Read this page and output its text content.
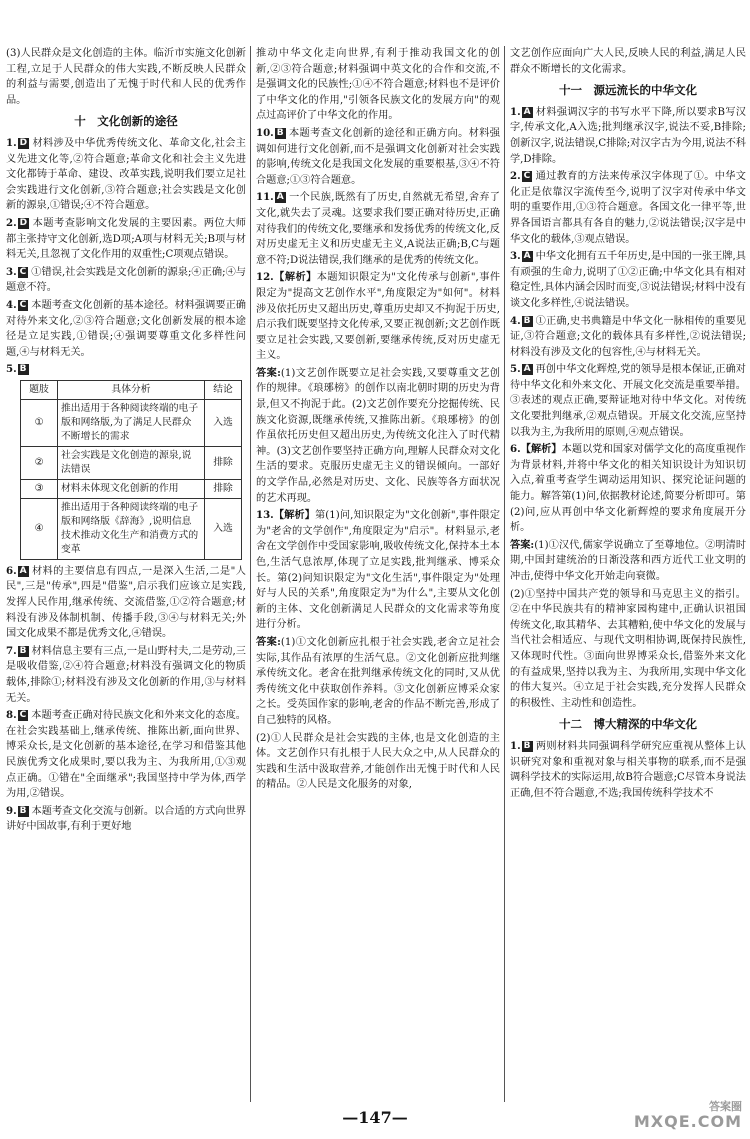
(3)人民群众是文化创造的主体。临沂市实施文化创新工程,立足于人民群众的伟大实践,不断反映人民群众的利益与需要,创造出了无愧于时代和人民的优秀作品。

十　文化创新的途径

1. D 材料涉及中华优秀传统文化、革命文化,社会主义先进文化等,②符合题意;革命文化和社会主义先进文化都铸于革命、建设、改革实践,说明我们要立足社会实践进行文化创新,③符合题意;社会实践是文化创新的源泉,①错误;④不符合题意。

2. D 本题考查影响文化发展的主要因素。两位大师都主张持守文化创新,选D项;A项与材料无关;B项与材料无关,且忽视了文化作用的双重性;C项观点错误。

3. C ①错误,社会实践是文化创新的源泉;④正确;④与题意不符。

4. C 本题考查文化创新的基本途径。材料强调要正确对待外来文化,②③符合题意;文化创新发展的根本途径是立足实践,①错误;④强调要尊重文化多样性问题,④与材料无关。

5. B

题肢	具体分析	结论
①	推出适用于各种阅读终端的电子版和网络版,为了满足人民群众不断增长的需求	入选
②	社会实践是文化创造的源泉,说法错误	排除
③	材料未体现文化创新的作用	排除
④	推出适用于各种阅读终端的电子版和网络版《辞海》,说明信息技术推动文化生产和消费方式的变革	入选

6. A 材料的主要信息有四点,一是深入生活,二是"人民",三是"传承",四是"借鉴",启示我们应该立足实践,发挥人民作用,继承传统、交流借鉴,①②符合题意;材料没有涉及体制机制、传播手段,③④与材料无关;外国文化成果不都是优秀文化,④错误。

7. B 材料信息主要有三点,一是山野村夫,二是劳动,三是吸收借鉴,②④符合题意;材料没有强调文化的物质载体,排除①;材料没有涉及文化创新的作用,③与材料无关。

8. C 本题考查正确对待民族文化和外来文化的态度。在社会实践基础上,继承传统、推陈出新,面向世界、博采众长,是文化创新的基本途径,在学习和借鉴其他民族优秀文化成果时,要以我为主、为我所用,①③观点正确。①错在"全面继承";我国坚持中学为体,西学为用,②错误。

9. B 本题考查文化交流与创新。以合适的方式向世界讲好中国故事,有利于更好地

推动中华文化走向世界,有利于推动我国文化的创新,②③符合题意;材料强调中英文化的合作和交流,不是强调文化的民族性;①④不符合题意;材料也不是评价了中华文化的作用,"引领各民族文化的发展方向"的观点过高评价了中华文化的作用。

10. B 本题考查文化创新的途径和正确方向。材料强调如何进行文化创新,而不是强调文化创新对社会实践的影响,传统文化是我国文化发展的重要根基,③④不符合题意;①③符合题意。

11. A 一个民族,既然有了历史,自然就无希望,舍弃了文化,就失去了灵魂。这要求我们要正确对待历史,正确对待我们的传统文化,要继承和发扬优秀的传统文化,反对历史虚无主义和历史虚无主义,A说法正确;B,C与题意不符;D说法错误,我们继承的是优秀的传统文化。

12.【解析】本题知识限定为"文化传承与创新",事件限定为"提高文艺创作水平",角度限定为"如何"。材料涉及依托历史又超出历史,尊重历史却又不拘泥于历史,启示我们既要坚持文化传承,又要正视创新;文艺创作既要立足社会实践,又要创新,要继承传统,反对历史虚无主义。

答案:(1)文艺创作既要立足社会实践,又要尊重文艺创作的规律。《琅琊榜》的创作以南北朝时期的历史为背景,但又不拘泥于此。(2)文艺创作要充分挖掘传统、民族文化资源,既继承传统,又推陈出新。《琅琊榜》的创作虽依托历史但又超出历史,为传统文化注入了时代精神。(3)文艺创作要坚持正确方向,理解人民群众对文化生活的要求。克服历史虚无主义的错误倾向。一部好的文学作品,必然是对历史、文化、民族等各方面状况的艺术再现。

13.【解析】第(1)问,知识限定为"文化创新",事件限定为"老舍的文学创作",角度限定为"启示"。材料显示,老舍在文学创作中受国家影响,吸收传统文化,保持本土本色,生活气息浓厚,体现了立足实践,批判继承、博采众长。第(2)问知识限定为"文化生活",事件限定为"处理好与人民的关系",角度限定为"为什么",主要从文化创新的主体、文化创新满足人民群众的文化需求等角度进行分析。

答案:(1)①文化创新应扎根于社会实践,老舍立足社会实际,其作品有浓厚的生活气息。②文化创新应批判继承传统文化。老舍在批判继承传统文化的同时,又从优秀传统文化中获取创作养料。③文化创新应博采众家之长。受英国作家的影响,老舍的作品不断完善,形成了自己独特的风格。

(2)①人民群众是社会实践的主体,也是文化创造的主体。文艺创作只有扎根于人民大众之中,从人民群众的实践和生活中汲取营养,才能创作出无愧于时代和人民的精品。②人民是文化服务的对象,

文艺创作应面向广大人民,反映人民的利益,满足人民群众不断增长的文化需求。

十一　源远流长的中华文化

1. A 材料强调汉字的书写水平下降,所以要求B写汉字,传承文化,A入选;批判继承汉字,说法不妥,B排除;创新汉字,说法错误,C排除;对汉字古为今用,说法不科学,D排除。

2. C 通过教育的方法来传承汉字体现了①。中华文化正是依靠汉字流传至今,说明了汉字对传承中华文明的重要作用,①③符合题意。各国文化一律平等,世界各国语言都具有各自的魅力,②说法错误;汉字是中华文化的载体,③观点错误。

3. A 中华文化拥有五千年历史,是中国的一张王牌,具有顽强的生命力,说明了①②正确;中华文化具有相对稳定性,具体内涵会因时而变,③说法错误;材料中没有谈文化多样性,④说法错误。

4. B ①正确,史书典籍是中华文化一脉相传的重要见证,③符合题意;文化的载体具有多样性,②说法错误;材料没有涉及文化的包容性,④与材料无关。

5. A 再创中华文化辉煌,党的领导是根本保证,正确对待中华文化和外来文化、开展文化交流是重要举措。③表述的观点正确,要辩证地对待中华文化。对传统文化要批判继承,②观点错误。开展文化交流,应坚持以我为主,为我所用的原则,④观点错误。

6.【解析】本题以党和国家对儒学文化的高度重视作为背景材料,并将中华文化的相关知识设计为知识切入点,着重考查学生调动运用知识、探究论证问题的能力。解答第(1)问,依据教材论述,简要分析即可。第(2)问,应从再创中华文化新辉煌的要求角度展开分析。

答案:(1)①汉代,儒家学说确立了至尊地位。②明清时期,中国封建统治的日渐没落和西方近代工业文明的冲击,使得中华文化开始走向衰微。

(2)①坚持中国共产党的领导和马克思主义的指引。②在中华民族共有的精神家园构建中,正确认识祖国传统文化,取其精华、去其糟粕,使中华文化的发展与当代社会相适应、与现代文明相协调,既保持民族性,又体现时代性。③面向世界博采众长,借鉴外来文化的有益成果,坚持以我为主、为我所用,实现中华文化的伟大复兴。④立足于社会实践,充分发挥人民群众的积极性、主动性和创造性。

十二　博大精深的中华文化

1. B 两则材料共同强调科学研究应重视从整体上认识研究对象和重视对象与相关事物的联系,而不是强调科学技术的实际运用,故B符合题意;C尽管本身说法正确,但不符合题意,不选;我国传统科学技术不

—147—
答案圈
MXQE.COM
